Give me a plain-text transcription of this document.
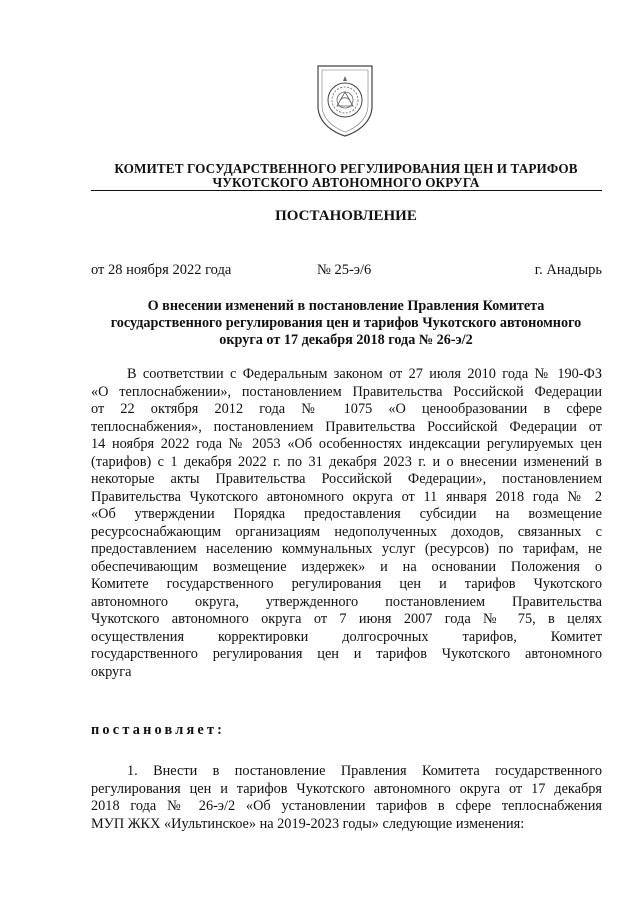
КОМИТЕТ ГОСУДАРСТВЕННОГО РЕГУЛИРОВАНИЯ ЦЕН И ТАРИФОВ
ЧУКОТСКОГО АВТОНОМНОГО ОКРУГА
ПОСТАНОВЛЕНИЕ
от 28 ноября 2022 года	№ 25-э/6	г. Анадырь
О внесении изменений в постановление Правления Комитета
государственного регулирования цен и тарифов Чукотского автономного
округа от 17 декабря 2018 года № 26-э/2
В соответствии с Федеральным законом от 27 июля 2010 года № 190-ФЗ
«О теплоснабжении», постановлением Правительства Российской Федерации
от 22 октября 2012 года № 1075 «О ценообразовании в сфере
теплоснабжения», постановлением Правительства Российской Федерации от
14 ноября 2022 года № 2053 «Об особенностях индексации регулируемых цен
(тарифов) с 1 декабря 2022 г. по 31 декабря 2023 г. и о внесении изменений в
некоторые акты Правительства Российской Федерации», постановлением
Правительства Чукотского автономного округа от 11 января 2018 года № 2
«Об утверждении Порядка предоставления субсидии на возмещение
ресурсоснабжающим организациям недополученных доходов, связанных с
предоставлением населению коммунальных услуг (ресурсов) по тарифам, не
обеспечивающим возмещение издержек» и на основании Положения о
Комитете государственного регулирования цен и тарифов Чукотского
автономного округа, утвержденного постановлением Правительства
Чукотского автономного округа от 7 июня 2007 года № 75, в целях
осуществления корректировки долгосрочных тарифов, Комитет
государственного регулирования цен и тарифов Чукотского автономного
округа
постановляет:
1. Внести в постановление Правления Комитета государственного
регулирования цен и тарифов Чукотского автономного округа от 17 декабря
2018 года № 26-э/2 «Об установлении тарифов в сфере теплоснабжения
МУП ЖКХ «Иультинское» на 2019-2023 годы» следующие изменения:
